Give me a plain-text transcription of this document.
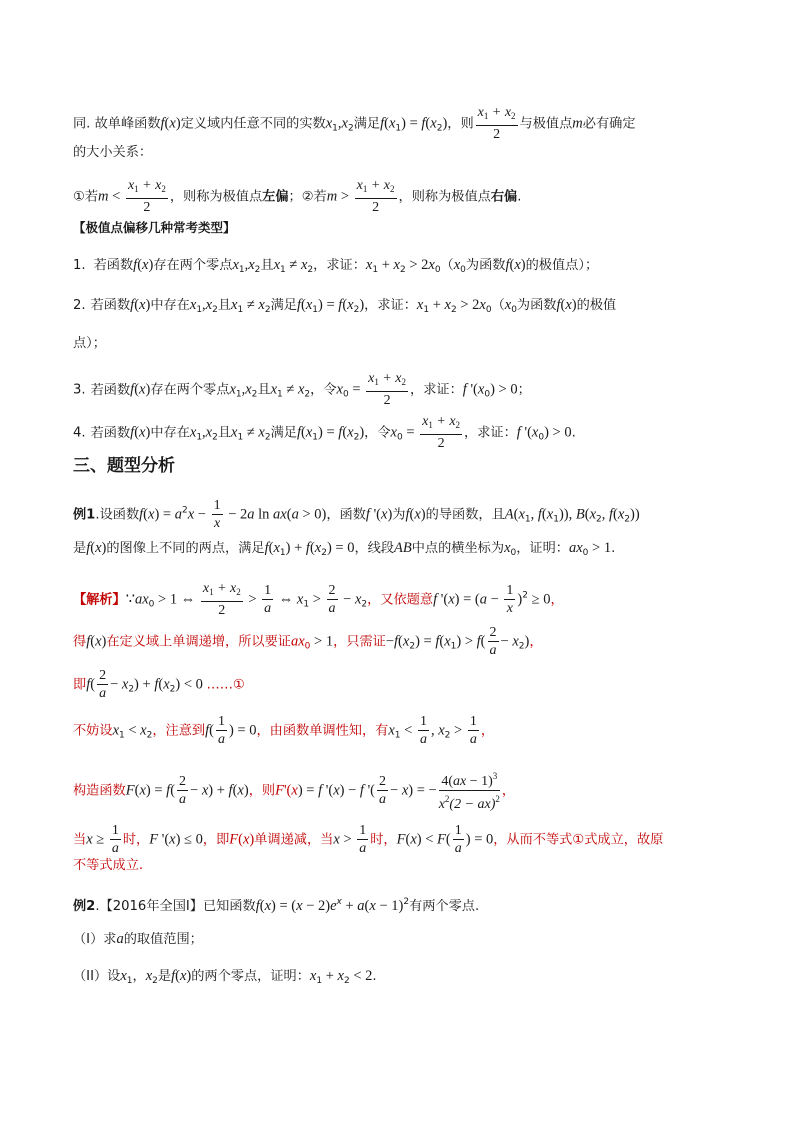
同. 故单峰函数f(x)定义域内任意不同的实数$x_1,x_2$满足$f(x_1) = f(x_2)$，则 $\frac{x_1 + x_2}{2}$ 与极值点m必有确定
的大小关系：
①若$m < \frac{x_1 + x_2}{2}$ ，则称为极值点左偏；②若$m > \frac{x_1 + x_2}{2}$ ，则称为极值点右偏.
【极值点偏移几种常考类型】
1. 若函数f(x)存在两个零点$x_1,x_2$且$x_1 \ne x_2$，求证：$x_1 + x_2 > 2x_0(x_0$为函数f(x)的极值点）；
2. 若函数f(x)中存在$x_1,x_2$且$x_1 \ne x_2$满足$f(x_1) = f(x_2)$，求证：$x_1 + x_2 > 2x_0(x_0$为函数f(x)的极值
点）；
3. 若函数f(x)存在两个零点$x_1,x_2$且$x_1 \ne x_2$，令$x_0 = \frac{x_1 + x_2}{2}$ ，求证：f '$(x_0) > 0$；
4. 若函数f(x)中存在$x_1,x_2$且$x_1 \ne x_2$满足$f(x_1) = f(x_2)$，令$x_0 = \frac{x_1 + x_2}{2}$ ，求证：f '$(x_0) > 0$.
三、题型分析
例1.设函数$f(x) = a^2x - \frac{1}{x} - 2a$ ln ax(a > 0)，函数f '(x)为f(x)的导函数，且$A(x_1$, $f(x_1)$), $B(x_2$, $f(x_2)$)
是f(x)的图像上不同的两点，满足$f(x_1) + f(x_2) = 0$，线段AB中点的横坐标为$x_0$，证明：$ax_0 > 1$.
【解析】$\because ax_0 > 1$ ⇔ $\frac{x_1 + x_2}{2} > \frac{1}{a}$ ⇔ $x_1 > \frac{2}{a} - x_2$，又依题意f '$(x) = (a - \frac{1}{x} )^2 \ge 0$，
得f(x)在定义域上单调递增，所以要证$ax_0 > 1$，只需证$-f(x_2) = f(x_1) > f( \frac{2}{a} - x_2)$，
即$f( \frac{2}{a} - x_2) + f(x_2) < 0$ ……①
不妨设$x_1 < x_2$，注意到$f( \frac{1}{a}$ ) = 0，由函数单调性知，有$x_1 < \frac{1}{a}$ , $x_2 > \frac{1}{a}$ ，
构造函数$F(x) = f( \frac{2}{a} - x) + f(x)$，则F'(x) = f '(x) − f '( $\frac{2}{a} - x$) = − $\frac{4(ax - 1)^3}{x^2(2 - ax)^2}$ ，
当$x \ge \frac{1}{a}$ 时，F '(x) ≤ 0，即F(x)单调递减，当$x > \frac{1}{a}$ 时，$F(x) < F( \frac{1}{a}$ ) = 0，从而不等式①式成立，故原
不等式成立.
例2.【2016年全国Ⅰ】已知函数$f(x) = (x - 2)e^x + a(x - 1)^2$有两个零点.
（I）求a的取值范围；
（II）设$x_1$，$x_2$是f(x)的两个零点，证明：$x_1 + x_2 < 2$.
